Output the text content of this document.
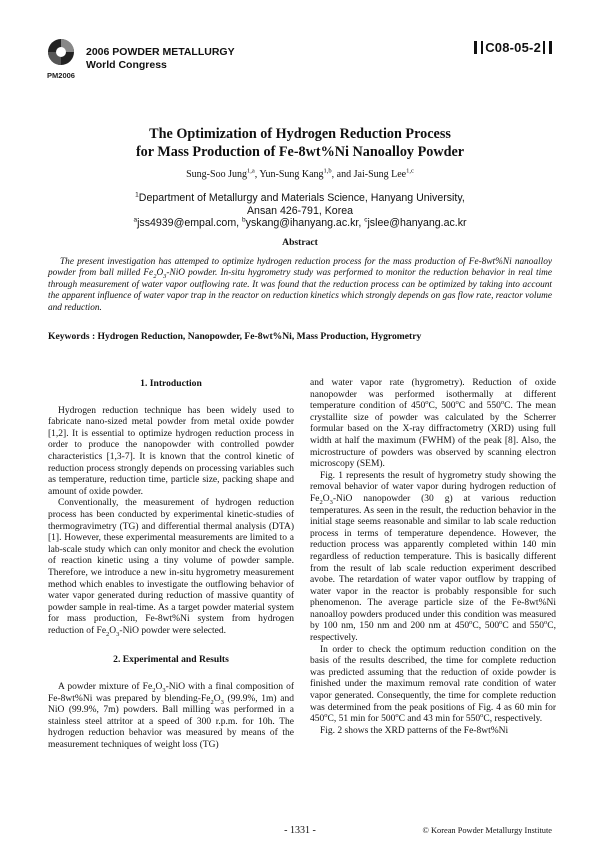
PM2006
2006 POWDER METALLURGY
World Congress
C08-05-2
The Optimization of Hydrogen Reduction Process
for Mass Production of Fe-8wt%Ni Nanoalloy Powder
Sung-Soo Jung$^{1,a}$, Yun-Sung Kang$^{1,b}$, and Jai-Sung Lee$^{1,c}$
$^1$Department of Metallurgy and Materials Science, Hanyang University,
Ansan 426-791, Korea
$^a$jss4939@empal.com, $^b$yskang@ihanyang.ac.kr, $^c$jslee@hanyang.ac.kr
Abstract

The present investigation has attemped to optimize hydrogen reduction process for the mass production of Fe-8wt%Ni nanoalloy powder from ball milled $Fe_2O_3$-NiO powder. In-situ hygrometry study was performed to monitor the reduction behavior in real time through measurement of water vapor outflowing rate. It was found that the reduction process can be optimized by taking into account the apparent influence of water vapor trap in the reactor on reduction kinetics which strongly depends on gas flow rate, reactor volume and reduction.

Keywords : Hydrogen Reduction, Nanopowder, Fe-8wt%Ni, Mass Production, Hygrometry
1. Introduction

Hydrogen reduction technique has been widely used to fabricate nano-sized metal powder from metal oxide powder [1,2]. It is essential to optimize hydrogen reduction process in order to produce the nanopowder with controlled powder characteristics [1,3-7]. It is known that the control kinetic of reduction process strongly depends on processing variables such as temperature, reduction time, particle size, packing shape and amount of oxide powder.

Conventionally, the measurement of hydrogen reduction process has been conducted by experimental kinetic-studies of thermogravimetry (TG) and differential thermal analysis (DTA) [1]. However, these experimental measurements are limited to a lab-scale study which can only monitor and check the evolution of reaction kinetic using a tiny volume of powder sample. Therefore, we introduce a new in-situ hygrometry measurement method which enables to investigate the outflowing behavior of water vapor generated during reduction of massive quantity of powder sample in real-time. As a target powder material system for mass production, Fe-8wt%Ni system from hydrogen reduction of $Fe_2O_3$-NiO powder were selected.

2. Experimental and Results

A powder mixture of $Fe_2O_3$-NiO with a final composition of Fe-8wt%Ni was prepared by blending-$Fe_2O_3$ (99.9%, 1m) and NiO (99.9%, 7m) powders. Ball milling was performed in a stainless steel attritor at a speed of 300 r.p.m. for 10h. The hydrogen reduction behavior was measured by means of the measurement techniques of weight loss (TG)

and water vapor rate (hygrometry). Reduction of oxide nanopowder was performed isothermally at different temperature condition of 450$^o$C, 500$^o$C and 550$^o$C. The mean crystallite size of powder was calculated by the Scherrer formular based on the X-ray diffractometry (XRD) using full width at half the maximum (FWHM) of the peak [8]. Also, the microstructure of powders was observed by scanning electron microscopy (SEM).

Fig. 1 represents the result of hygrometry study showing the removal behavior of water vapor during hydrogen reduction of $Fe_2O_3$-NiO nanopowder (30 g) at various reduction temperatures. As seen in the result, the reduction behavior in the initial stage seems reasonable and similar to lab scale reduction process in terms of temperature dependence. However, the reduction process was apparently completed within 140 min regardless of reduction temperature. This is basically different from the result of lab scale reduction experiment described avobe. The retardation of water vapor outflow by trapping of water vapor in the reactor is probably responsible for such phenomenon. The average particle size of the Fe-8wt%Ni nanoalloy powders produced under this condition was measured by 100 nm, 150 nm and 200 nm at 450$^o$C, 500$^o$C and 550$^o$C, respectively.

In order to check the optimum reduction condition on the basis of the results described, the time for complete reduction was predicted assuming that the reduction of oxide powder is finished under the maximum removal rate condition of water vapor generated. Consequently, the time for complete reduction was determined from the peak positions of Fig. 4 as 60 min for 450$^o$C, 51 min for 500$^o$C and 43 min for 550$^o$C, respectively.

Fig. 2 shows the XRD patterns of the Fe-8wt%Ni

- 1331 -	© Korean Powder Metallurgy Institute
